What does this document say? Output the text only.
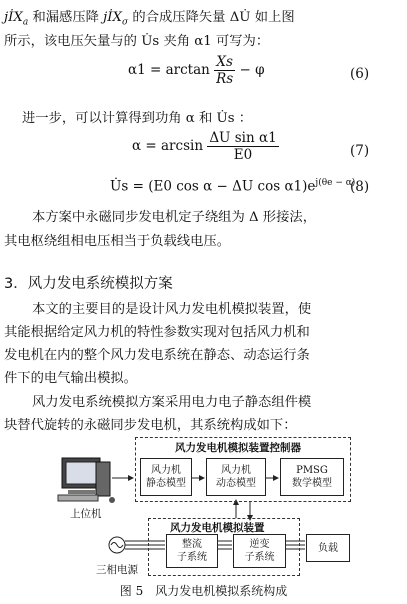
jİX$_a$ 和漏感压降 jİX$_\sigma$ 的合成压降矢量 ΔU̇ 如上图
所示，该电压矢量与的 U̇s 夹角 α1 可写为：
$\alpha 1 = \arctan \frac{Xs}{Rs} - \varphi$	(6)
进一步，可以计算得到功角 α 和 U̇s ：
$\alpha = \arcsin \frac{\text{ΔU sin α1}}{E0}$	(7)
U̇s = (E0 cos α − ΔU $\cos \alpha 1)e^{j(\theta e - \alpha)}$
(8)
本方案中永磁同步发电机定子绕组为 Δ 形接法，
其电枢绕组相电压相当于负载线电压。
3．风力发电系统模拟方案
本文的主要目的是设计风力发电机模拟装置，使
其能根据给定风力机的特性参数实现对包括风力机和
发电机在内的整个风力发电系统在静态、动态运行条
件下的电气输出模拟。
风力发电系统模拟方案采用电力电子静态组件模
块替代旋转的永磁同步发电机，其系统构成如下：
风力发电机模拟装置控制器
风力机
静态模型
风力机
动态模型
PMSG
数学模型
上位机
风力发电机模拟装置
整流
子系统
逆变
子系统
负载
三相电源
图 5　风力发电机模拟系统构成
